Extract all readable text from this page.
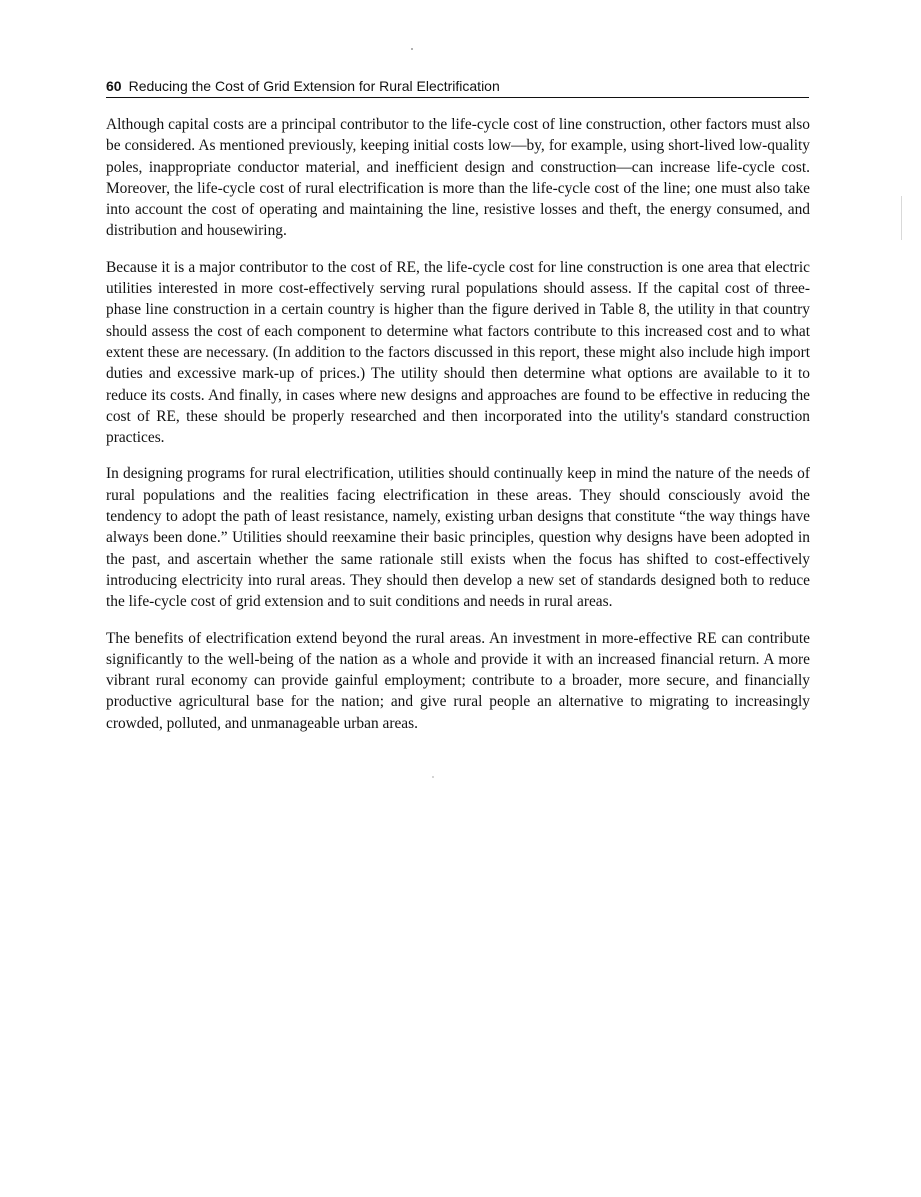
60 Reducing the Cost of Grid Extension for Rural Electrification

Although capital costs are a principal contributor to the life-cycle cost of line construction, other factors must also be considered. As mentioned previously, keeping initial costs low—by, for example, using short-lived low-quality poles, inappropriate conductor material, and inefficient design and construction—can increase life-cycle cost. Moreover, the life-cycle cost of rural electrification is more than the life-cycle cost of the line; one must also take into account the cost of operating and maintaining the line, resistive losses and theft, the energy consumed, and distribution and housewiring.

Because it is a major contributor to the cost of RE, the life-cycle cost for line construction is one area that electric utilities interested in more cost-effectively serving rural populations should assess. If the capital cost of three-phase line construction in a certain country is higher than the figure derived in Table 8, the utility in that country should assess the cost of each component to determine what factors contribute to this increased cost and to what extent these are necessary. (In addition to the factors discussed in this report, these might also include high import duties and excessive mark-up of prices.) The utility should then determine what options are available to it to reduce its costs. And finally, in cases where new designs and approaches are found to be effective in reducing the cost of RE, these should be properly researched and then incorporated into the utility's standard construction practices.

In designing programs for rural electrification, utilities should continually keep in mind the nature of the needs of rural populations and the realities facing electrification in these areas. They should consciously avoid the tendency to adopt the path of least resistance, namely, existing urban designs that constitute “the way things have always been done.” Utilities should reexamine their basic principles, question why designs have been adopted in the past, and ascertain whether the same rationale still exists when the focus has shifted to cost-effectively introducing electricity into rural areas. They should then develop a new set of standards designed both to reduce the life-cycle cost of grid extension and to suit conditions and needs in rural areas.

The benefits of electrification extend beyond the rural areas. An investment in more-effective RE can contribute significantly to the well-being of the nation as a whole and provide it with an increased financial return. A more vibrant rural economy can provide gainful employment; contribute to a broader, more secure, and financially productive agricultural base for the nation; and give rural people an alternative to migrating to increasingly crowded, polluted, and unmanageable urban areas.
